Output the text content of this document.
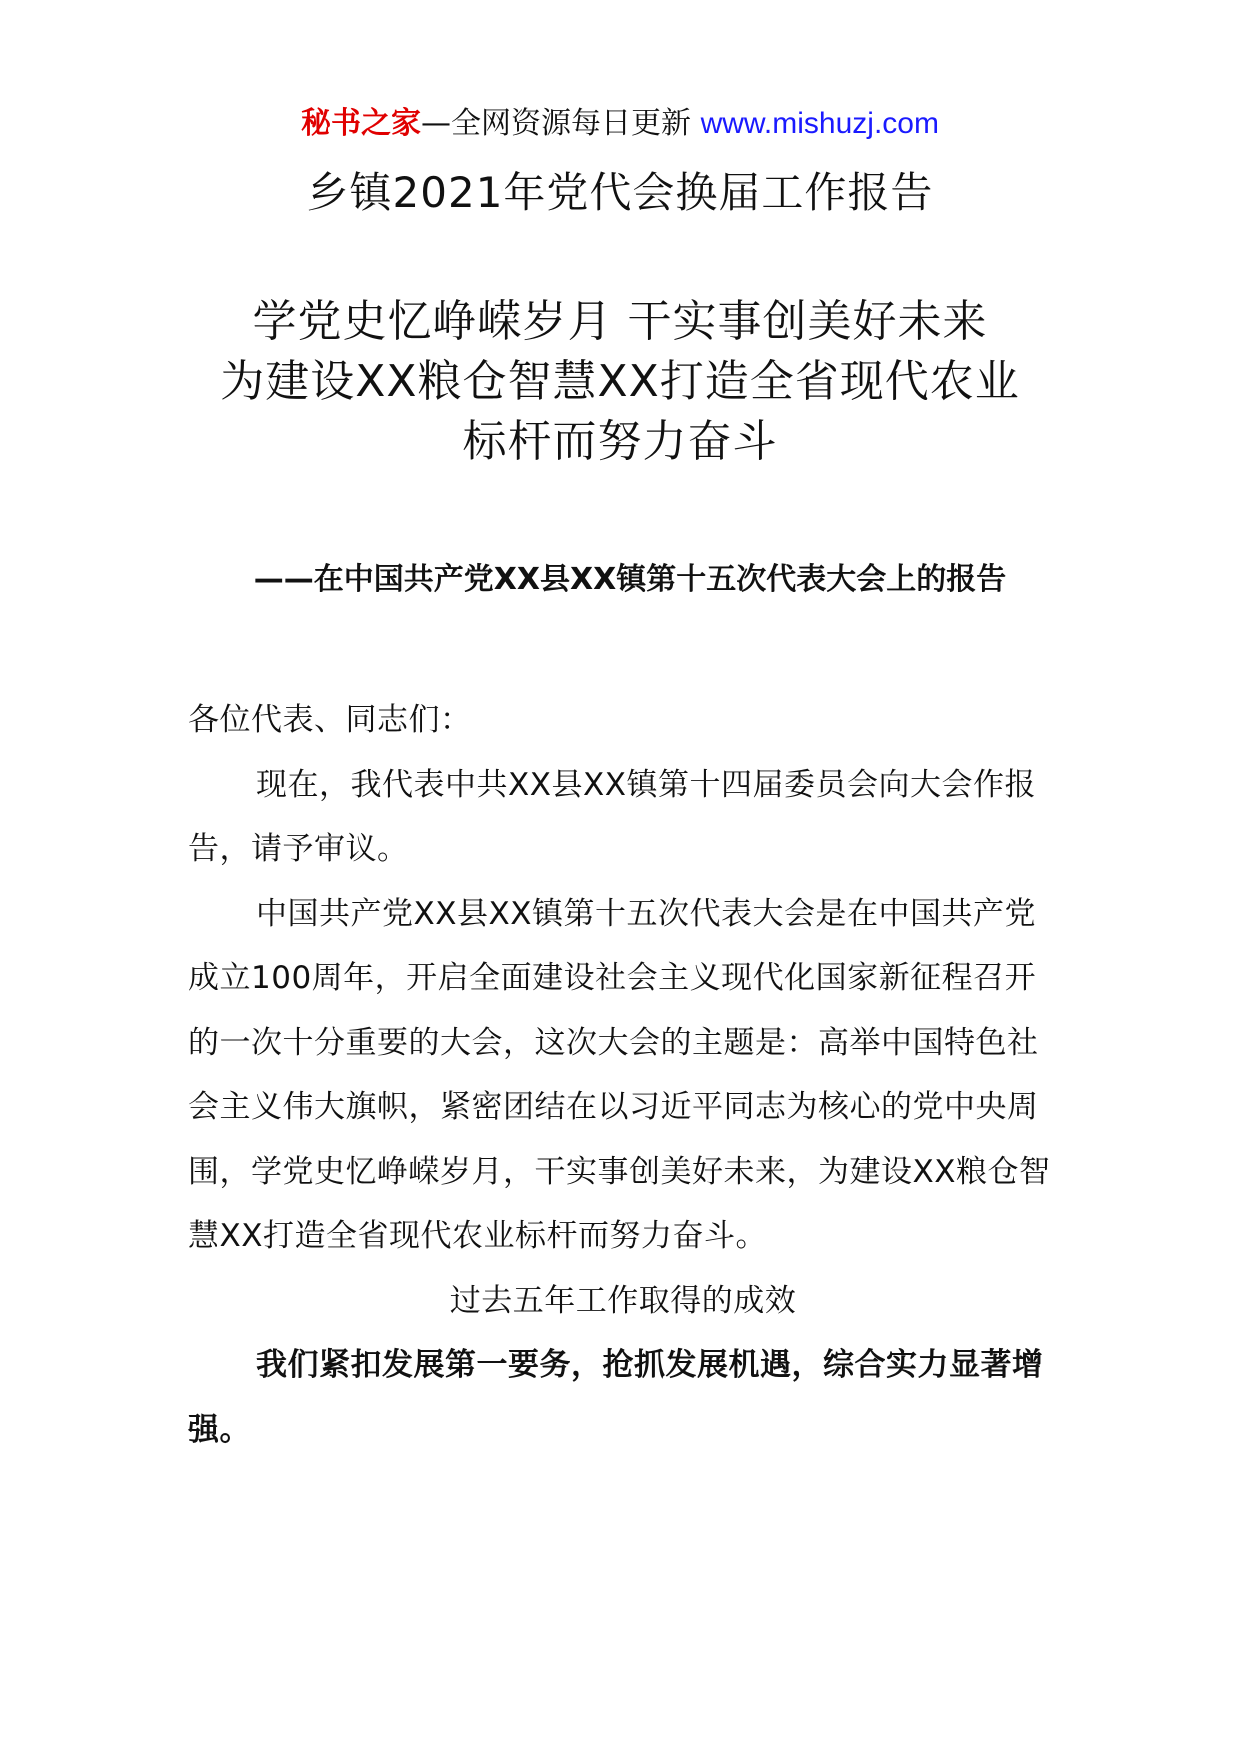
秘书之家—全网资源每日更新 www.mishuzj.com
乡镇2021年党代会换届工作报告
学党史忆峥嵘岁月 干实事创美好未来
为建设XX粮仓智慧XX打造全省现代农业
标杆而努力奋斗
——在中国共产党XX县XX镇第十五次代表大会上的报告

各位代表、同志们：

现在，我代表中共XX县XX镇第十四届委员会向大会作报告，请予审议。

中国共产党XX县XX镇第十五次代表大会是在中国共产党成立100周年，开启全面建设社会主义现代化国家新征程召开的一次十分重要的大会，这次大会的主题是：高举中国特色社会主义伟大旗帜，紧密团结在以习近平同志为核心的党中央周围，学党史忆峥嵘岁月，干实事创美好未来，为建设XX粮仓智慧XX打造全省现代农业标杆而努力奋斗。

过去五年工作取得的成效

我们紧扣发展第一要务，抢抓发展机遇，综合实力显著增强。
